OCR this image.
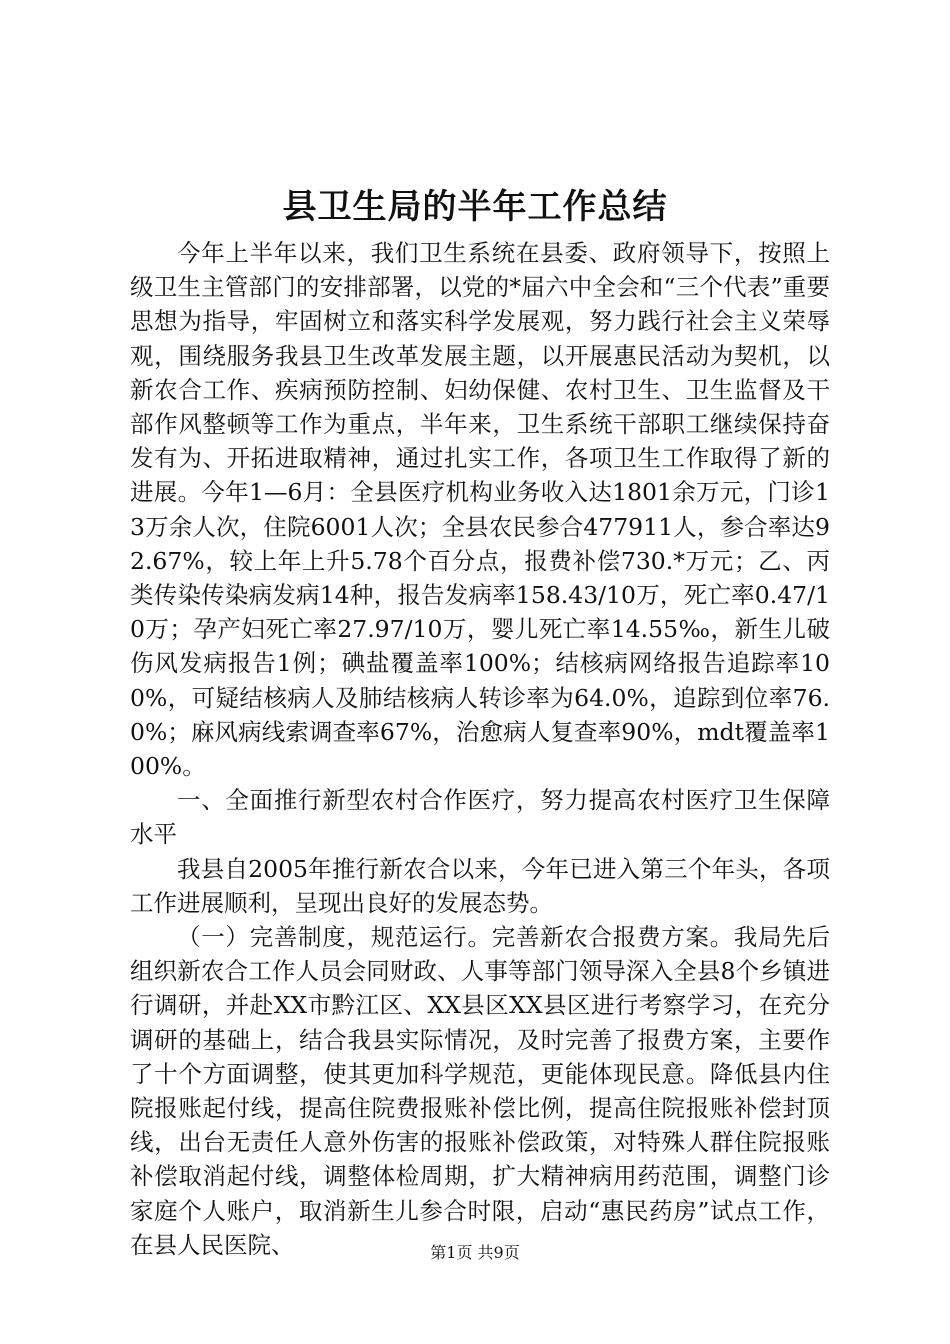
县卫生局的半年工作总结

今年上半年以来，我们卫生系统在县委、政府领导下，按照上级卫生主管部门的安排部署，以党的*届六中全会和“三个代表”重要思想为指导，牢固树立和落实科学发展观，努力践行社会主义荣辱观，围绕服务我县卫生改革发展主题，以开展惠民活动为契机，以新农合工作、疾病预防控制、妇幼保健、农村卫生、卫生监督及干部作风整顿等工作为重点，半年来，卫生系统干部职工继续保持奋发有为、开拓进取精神，通过扎实工作，各项卫生工作取得了新的进展。今年1—6月：全县医疗机构业务收入达1801余万元，门诊13万余人次，住院6001人次；全县农民参合477911人，参合率达92.67%，较上年上升5.78个百分点，报费补偿730.*万元；乙、丙类传染传染病发病14种，报告发病率158.43/10万，死亡率0.47/10万；孕产妇死亡率27.97/10万，婴儿死亡率14.55‰，新生儿破伤风发病报告1例；碘盐覆盖率100%；结核病网络报告追踪率100%，可疑结核病人及肺结核病人转诊率为64.0%，追踪到位率76.0%；麻风病线索调查率67%，治愈病人复查率90%，mdt覆盖率100%。

一、全面推行新型农村合作医疗，努力提高农村医疗卫生保障水平

我县自2005年推行新农合以来，今年已进入第三个年头，各项工作进展顺利，呈现出良好的发展态势。

（一）完善制度，规范运行。完善新农合报费方案。我局先后组织新农合工作人员会同财政、人事等部门领导深入全县8个乡镇进行调研，并赴XX市黔江区、XX县区XX县区进行考察学习，在充分调研的基础上，结合我县实际情况，及时完善了报费方案，主要作了十个方面调整，使其更加科学规范，更能体现民意。降低县内住院报账起付线，提高住院费报账补偿比例，提高住院报账补偿封顶线，出台无责任人意外伤害的报账补偿政策，对特殊人群住院报账补偿取消起付线，调整体检周期，扩大精神病用药范围，调整门诊家庭个人账户，取消新生儿参合时限，启动“惠民药房”试点工作，在县人民医院、	第1页 共9页
